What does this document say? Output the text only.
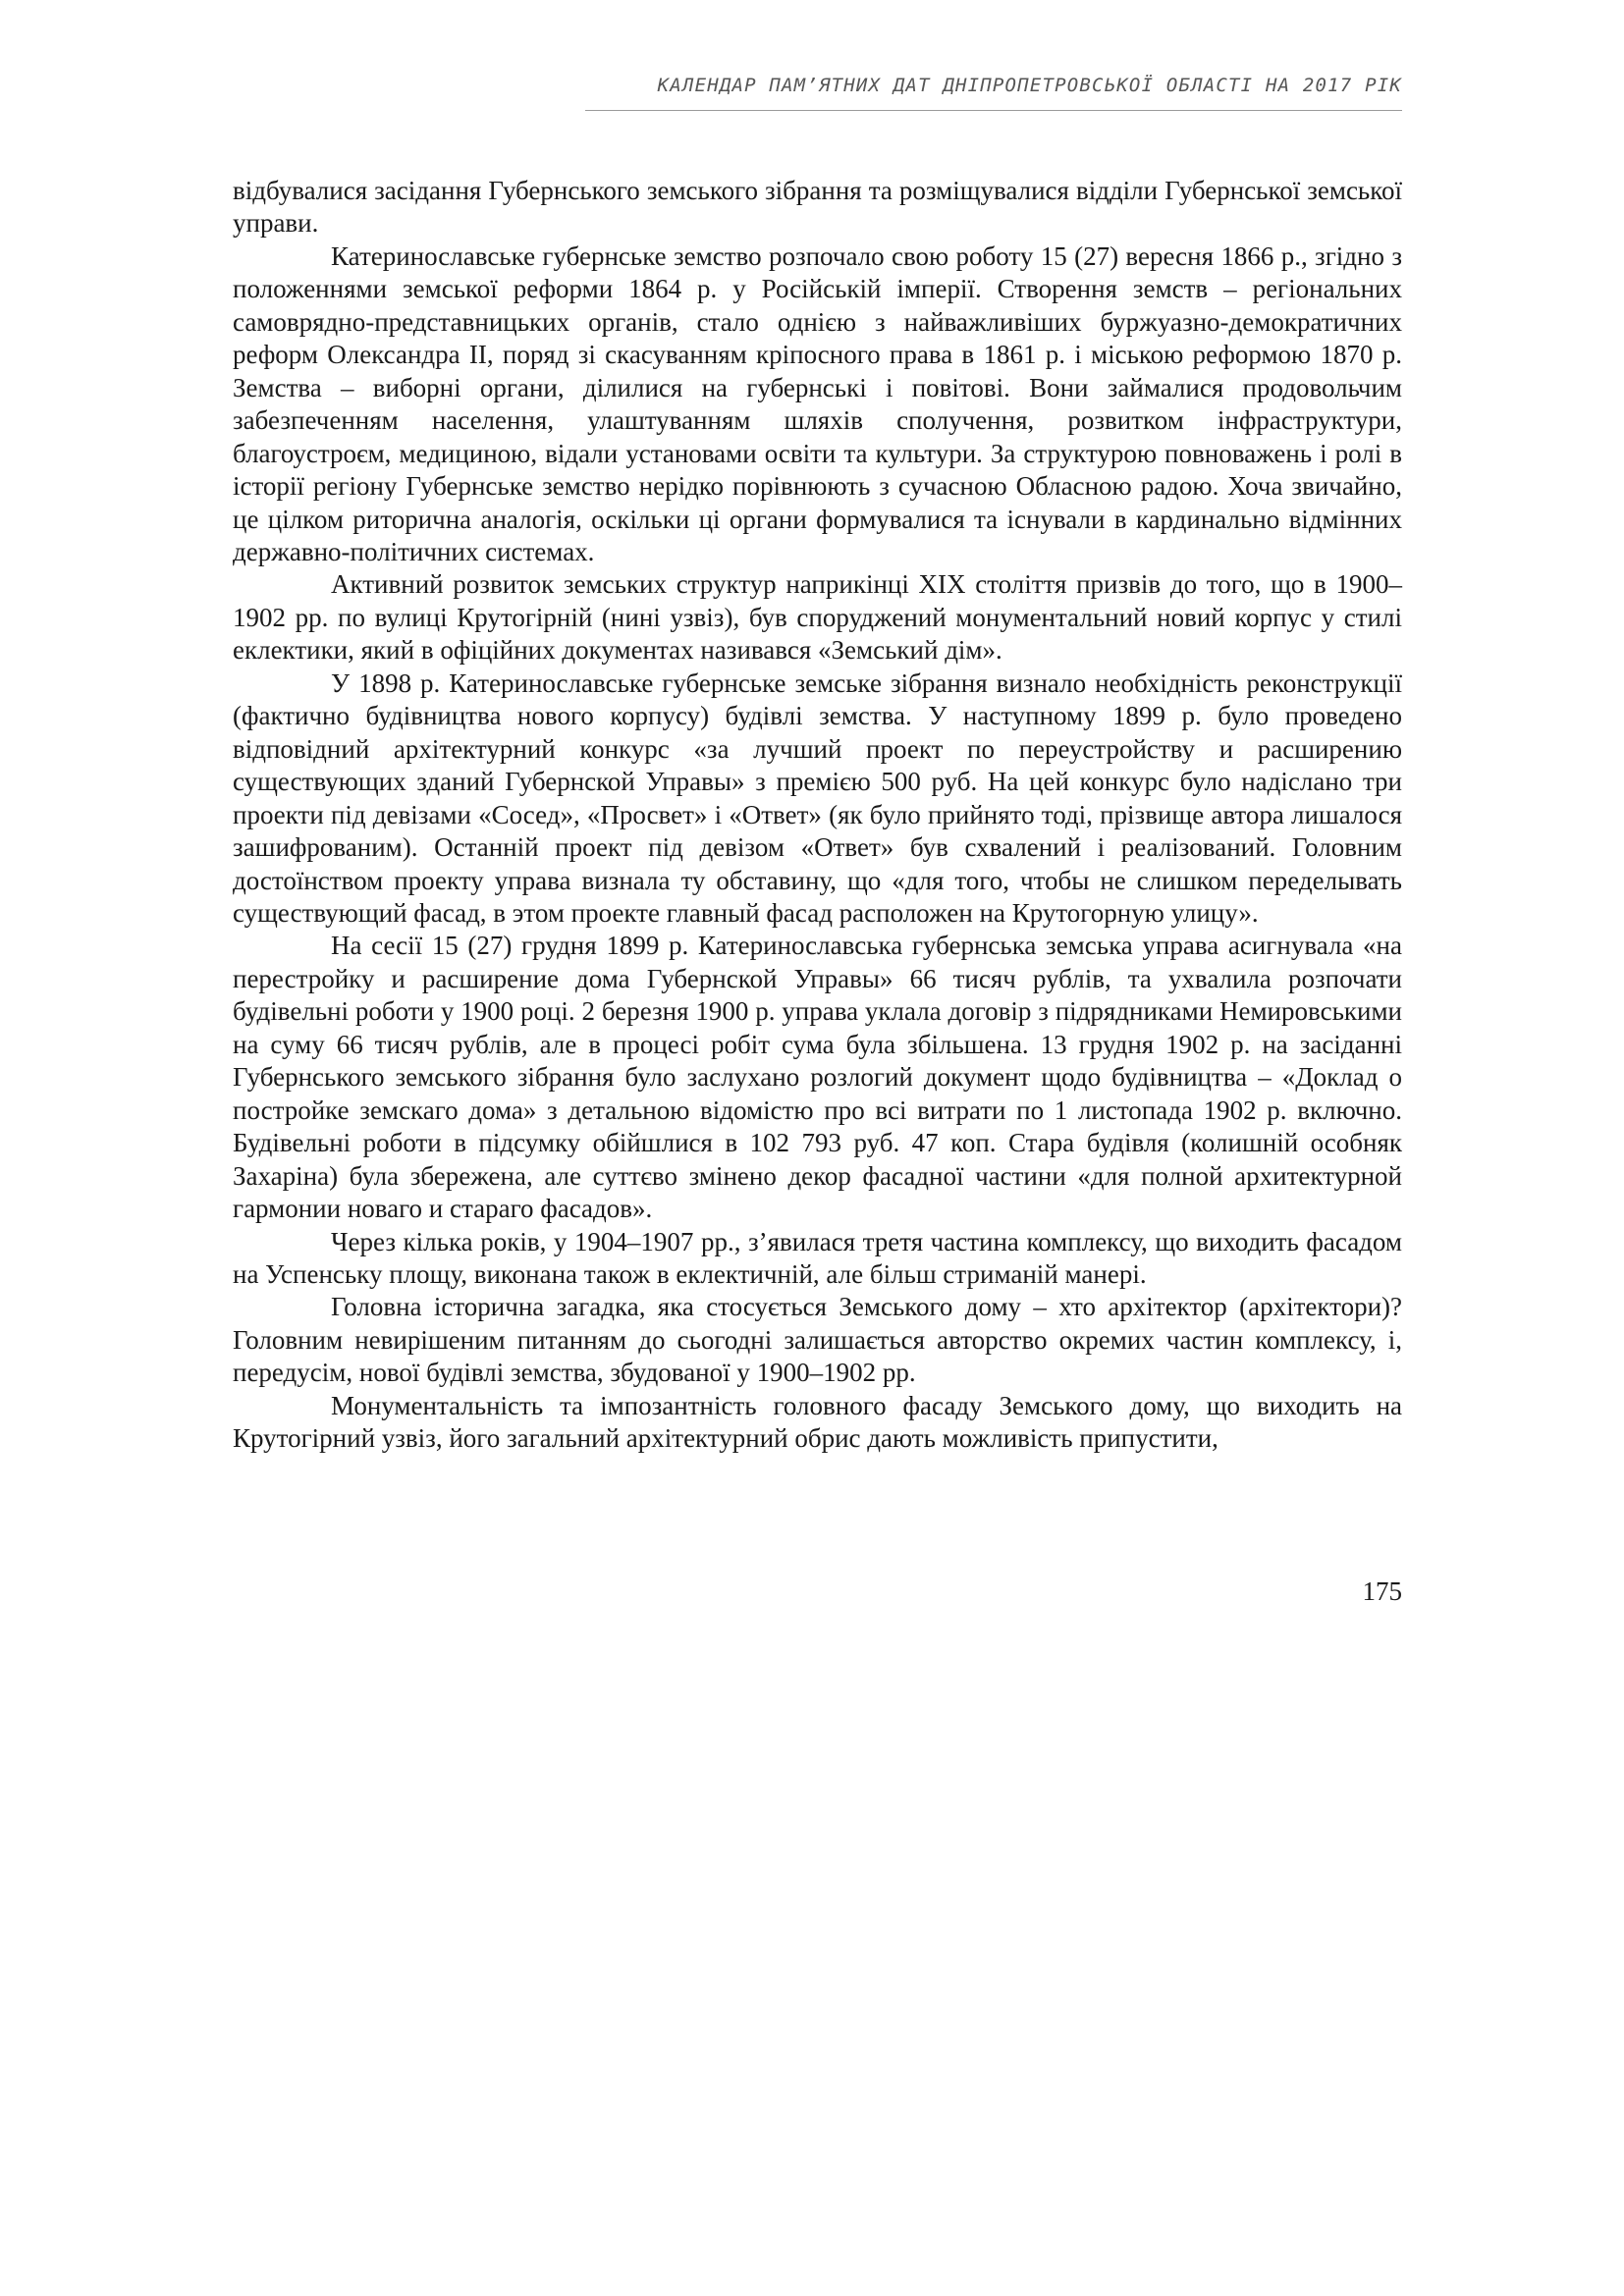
КАЛЕНДАР ПАМ’ЯТНИХ ДАТ ДНІПРОПЕТРОВСЬКОЇ ОБЛАСТІ НА 2017 РІК

відбувалися засідання Губернського земського зібрання та розміщувалися відділи Губернської земської управи.

Катеринославське губернське земство розпочало свою роботу 15 (27) вересня 1866 р., згідно з положеннями земської реформи 1864 р. у Російській імперії. Створення земств – регіональних самоврядно-представницьких органів, стало однією з найважливіших буржуазно-демократичних реформ Олександра ІІ, поряд зі скасуванням кріпосного права в 1861 р. і міською реформою 1870 р. Земства – виборні органи, ділилися на губернські і повітові. Вони займалися продовольчим забезпеченням населення, улаштуванням шляхів сполучення, розвитком інфраструктури, благоустроєм, медициною, відали установами освіти та культури. За структурою повноважень і ролі в історії регіону Губернське земство нерідко порівнюють з сучасною Обласною радою. Хоча звичайно, це цілком риторична аналогія, оскільки ці органи формувалися та існували в кардинально відмінних державно-політичних системах.

Активний розвиток земських структур наприкінці ХІХ століття призвів до того, що в 1900–1902 рр. по вулиці Крутогірній (нині узвіз), був споруджений монументальний новий корпус у стилі еклектики, який в офіційних документах називався «Земський дім».

У 1898 р. Катеринославське губернське земське зібрання визнало необхідність реконструкції (фактично будівництва нового корпусу) будівлі земства. У наступному 1899 р. було проведено відповідний архітектурний конкурс «за лучший проект по переустройству и расширению существующих зданий Губернской Управы» з премією 500 руб. На цей конкурс було надіслано три проекти під девізами «Сосед», «Просвет» і «Ответ» (як було прийнято тоді, прізвище автора лишалося зашифрованим). Останній проект під девізом «Ответ» був схвалений і реалізований. Головним достоїнством проекту управа визнала ту обставину, що «для того, чтобы не слишком переделывать существующий фасад, в этом проекте главный фасад расположен на Крутогорную улицу».

На сесії 15 (27) грудня 1899 р. Катеринославська губернська земська управа асигнувала «на перестройку и расширение дома Губернской Управы» 66 тисяч рублів, та ухвалила розпочати будівельні роботи у 1900 році. 2 березня 1900 р. управа уклала договір з підрядниками Немировськими на суму 66 тисяч рублів, але в процесі робіт сума була збільшена. 13 грудня 1902 р. на засіданні Губернського земського зібрання було заслухано розлогий документ щодо будівництва – «Доклад о постройке земскаго дома» з детальною відомістю про всі витрати по 1 листопада 1902 р. включно. Будівельні роботи в підсумку обійшлися в 102 793 руб. 47 коп. Стара будівля (колишній особняк Захаріна) була збережена, але суттєво змінено декор фасадної частини «для полной архитектурной гармонии новаго и стараго фасадов».

Через кілька років, у 1904–1907 рр., з’явилася третя частина комплексу, що виходить фасадом на Успенську площу, виконана також в еклектичній, але більш стриманій манері.

Головна історична загадка, яка стосується Земського дому – хто архітектор (архітектори)? Головним невирішеним питанням до сьогодні залишається авторство окремих частин комплексу, і, передусім, нової будівлі земства, збудованої у 1900–1902 рр.

Монументальність та імпозантність головного фасаду Земського дому, що виходить на Крутогірний узвіз, його загальний архітектурний обрис дають можливість припустити,

175
